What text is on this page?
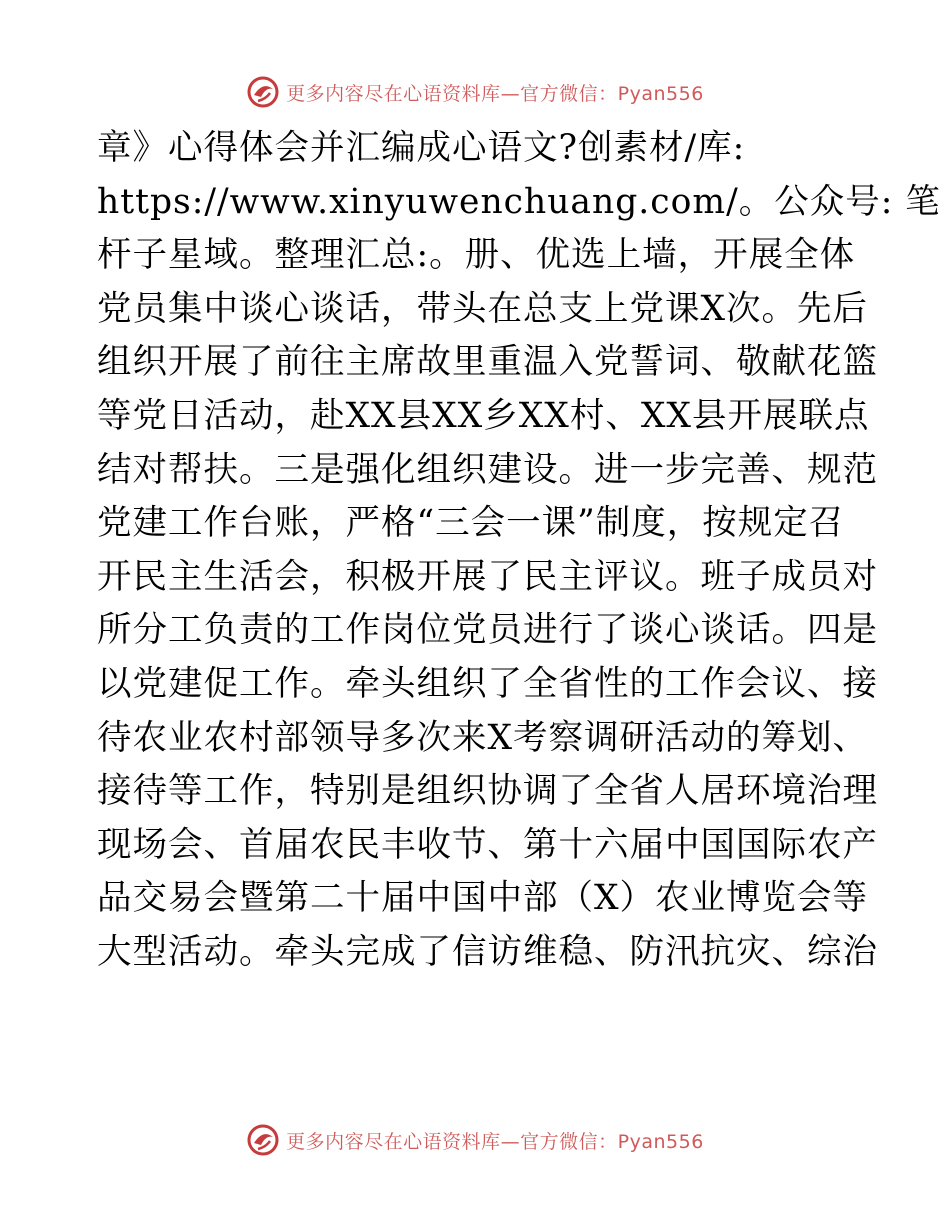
更多内容尽在心语资料库—官方微信：Pyan556
章》心得体会并汇编成心语文?创素材/库:
https://www.xinyuwenchuang.com/。公众号: 笔
杆子星域。整理汇总:。册、优选上墙，开展全体
党员集中谈心谈话，带头在总支上党课X次。先后
组织开展了前往主席故里重温入党誓词、敬献花篮
等党日活动，赴XX县XX乡XX村、XX县开展联点
结对帮扶。三是强化组织建设。进一步完善、规范
党建工作台账，严格“三会一课”制度，按规定召
开民主生活会，积极开展了民主评议。班子成员对
所分工负责的工作岗位党员进行了谈心谈话。四是
以党建促工作。牵头组织了全省性的工作会议、接
待农业农村部领导多次来X考察调研活动的筹划、
接待等工作，特别是组织协调了全省人居环境治理
现场会、首届农民丰收节、第十六届中国国际农产
品交易会暨第二十届中国中部（X）农业博览会等
大型活动。牵头完成了信访维稳、防汛抗灾、综治
更多内容尽在心语资料库—官方微信：Pyan556
